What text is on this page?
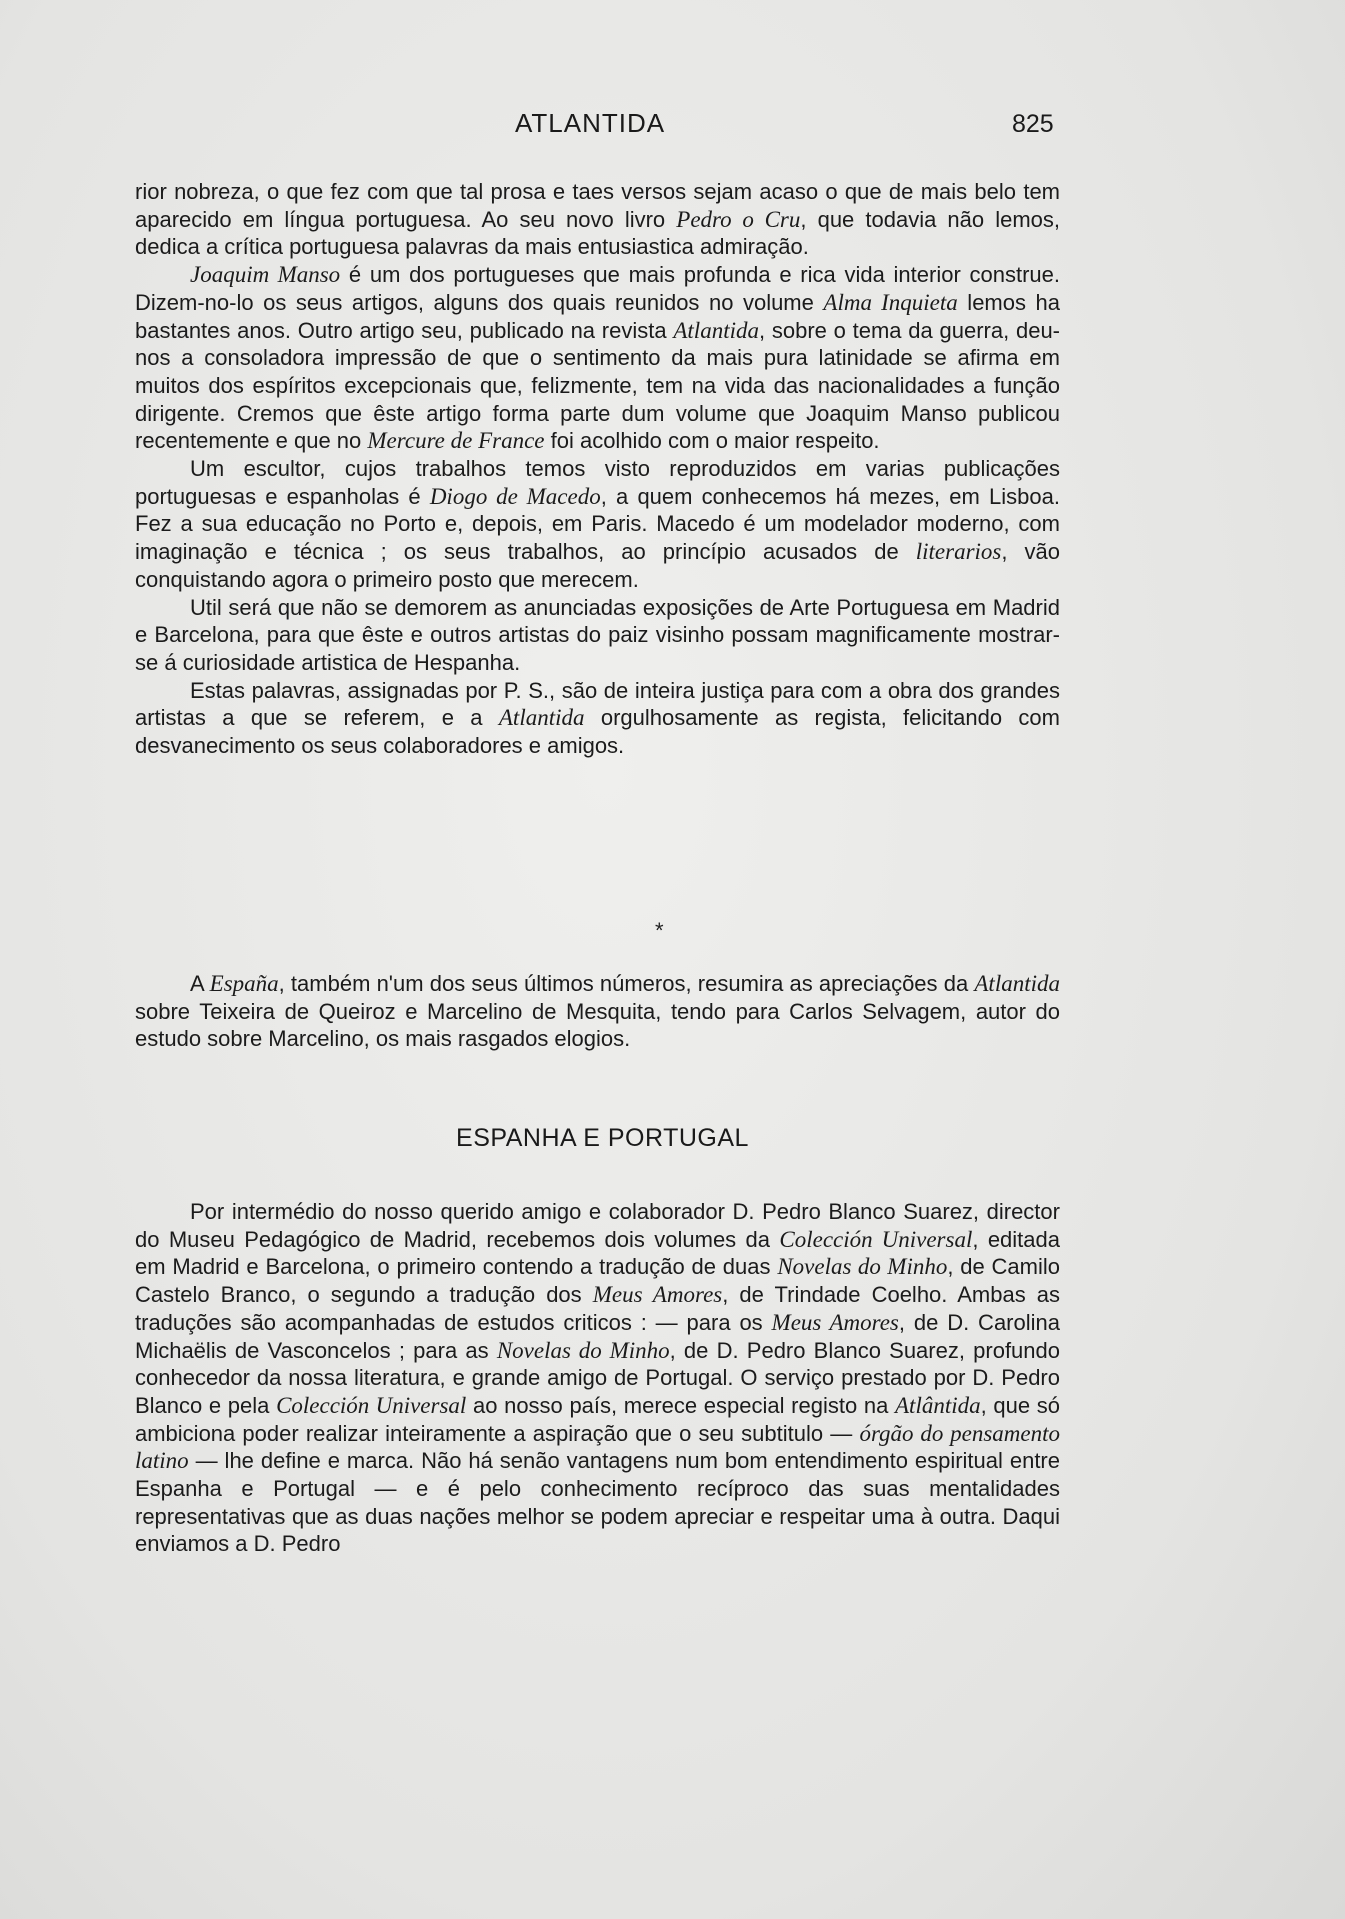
ATLANTIDA	825

rior nobreza, o que fez com que tal prosa e taes versos sejam acaso o que de mais belo tem aparecido em língua portuguesa. Ao seu novo livro Pedro o Cru, que todavia não lemos, dedica a crítica portuguesa palavras da mais entusiastica admiração.

Joaquim Manso é um dos portugueses que mais profunda e rica vida interior construe. Dizem-no-lo os seus artigos, alguns dos quais reunidos no volume Alma Inquieta lemos ha bastantes anos. Outro artigo seu, publicado na revista Atlantida, sobre o tema da guerra, deu-nos a consoladora impressão de que o sentimento da mais pura latinidade se afirma em muitos dos espíritos excepcionais que, felizmente, tem na vida das nacionalidades a função dirigente. Cremos que êste artigo forma parte dum volume que Joaquim Manso publicou recentemente e que no Mercure de France foi acolhido com o maior respeito.

Um escultor, cujos trabalhos temos visto reproduzidos em varias publicações portuguesas e espanholas é Diogo de Macedo, a quem conhecemos há mezes, em Lisboa. Fez a sua educação no Porto e, depois, em Paris. Macedo é um modelador moderno, com imaginação e técnica ; os seus trabalhos, ao princípio acusados de literarios, vão conquistando agora o primeiro posto que merecem.

Util será que não se demorem as anunciadas exposições de Arte Portuguesa em Madrid e Barcelona, para que êste e outros artistas do paiz visinho possam magnificamente mostrar-se á curiosidade artistica de Hespanha.

Estas palavras, assignadas por P. S., são de inteira justiça para com a obra dos grandes artistas a que se referem, e a Atlantida orgulhosamente as regista, felicitando com desvanecimento os seus colaboradores e amigos.

*

A España, também n'um dos seus últimos números, resumira as apreciações da Atlantida sobre Teixeira de Queiroz e Marcelino de Mesquita, tendo para Carlos Selvagem, autor do estudo sobre Marcelino, os mais rasgados elogios.

ESPANHA E PORTUGAL

Por intermédio do nosso querido amigo e colaborador D. Pedro Blanco Suarez, director do Museu Pedagógico de Madrid, recebemos dois volumes da Colección Universal, editada em Madrid e Barcelona, o primeiro contendo a tradução de duas Novelas do Minho, de Camilo Castelo Branco, o segundo a tradução dos Meus Amores, de Trindade Coelho. Ambas as traduções são acompanhadas de estudos criticos : — para os Meus Amores, de D. Carolina Michaëlis de Vasconcelos ; para as Novelas do Minho, de D. Pedro Blanco Suarez, profundo conhecedor da nossa literatura, e grande amigo de Portugal. O serviço prestado por D. Pedro Blanco e pela Colección Universal ao nosso país, merece especial registo na Atlântida, que só ambiciona poder realizar inteiramente a aspiração que o seu subtitulo — órgão do pensamento latino — lhe define e marca. Não há senão vantagens num bom entendimento espiritual entre Espanha e Portugal — e é pelo conhecimento recíproco das suas mentalidades representativas que as duas nações melhor se podem apreciar e respeitar uma à outra. Daqui enviamos a D. Pedro
